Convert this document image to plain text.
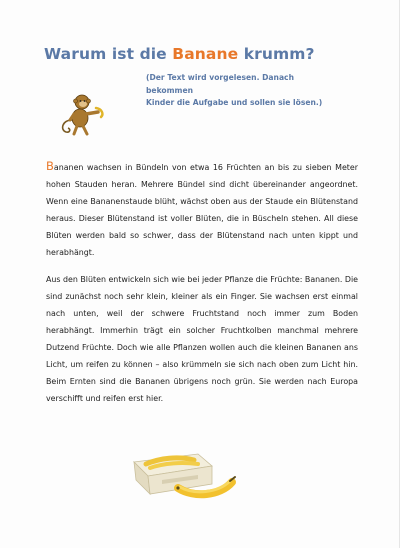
Warum ist die Banane krumm?
(Der Text wird vorgelesen. Danach bekommen
Kinder die Aufgabe und sollen sie lösen.)

Bananen wachsen in Bündeln von etwa 16 Früchten an bis zu sieben Meter hohen Stauden heran. Mehrere Bündel sind dicht übereinander angeordnet. Wenn eine Bananenstaude blüht, wächst oben aus der Staude ein Blütenstand heraus. Dieser Blütenstand ist voller Blüten, die in Büscheln stehen. All diese Blüten werden bald so schwer, dass der Blütenstand nach unten kippt und herabhängt.

Aus den Blüten entwickeln sich wie bei jeder Pflanze die Früchte: Bananen. Die sind zunächst noch sehr klein, kleiner als ein Finger. Sie wachsen erst einmal nach unten, weil der schwere Fruchtstand noch immer zum Boden herabhängt. Immerhin trägt ein solcher Fruchtkolben manchmal mehrere Dutzend Früchte. Doch wie alle Pflanzen wollen auch die kleinen Bananen ans Licht, um reifen zu können – also krümmeln sie sich nach oben zum Licht hin. Beim Ernten sind die Bananen übrigens noch grün. Sie werden nach Europa verschifft und reifen erst hier.
